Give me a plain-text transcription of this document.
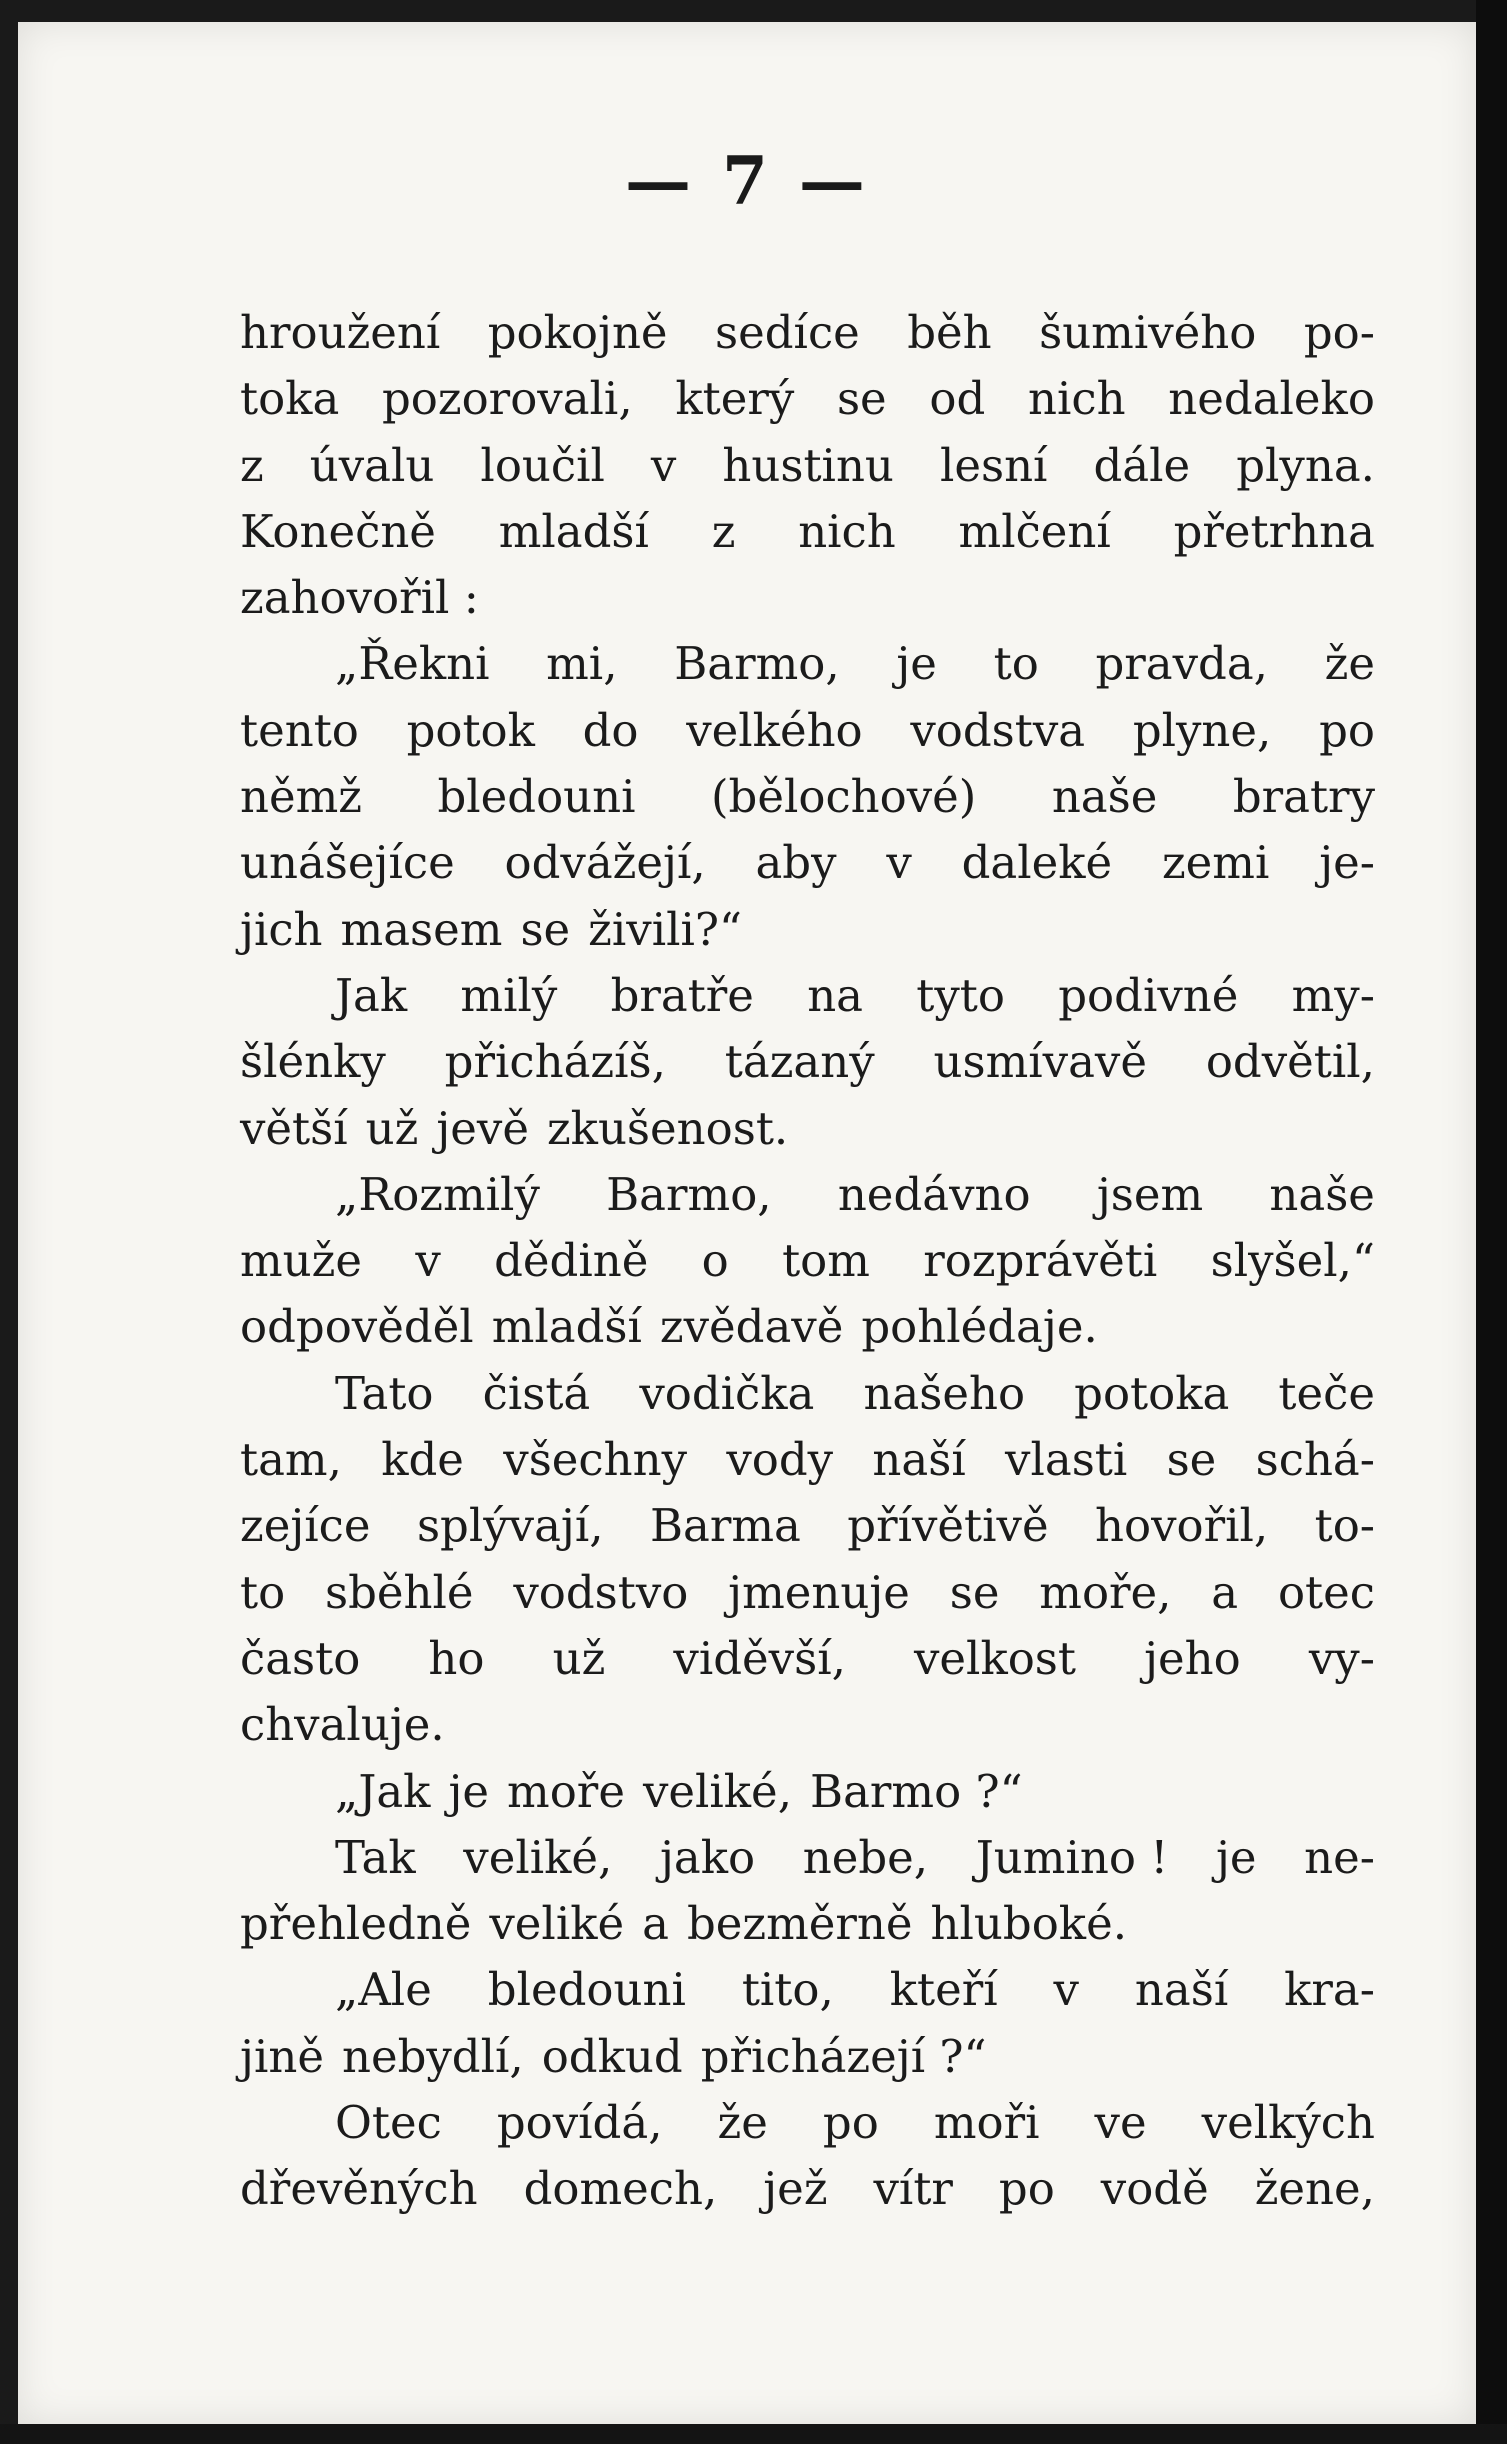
— 7 —
hroužení pokojně sedíce běh šumivého po-
toka pozorovali, který se od nich nedaleko
z úvalu loučil v hustinu lesní dále plyna.
Konečně mladší z nich mlčení přetrhna
zahovořil :
„Řekni mi, Barmo, je to pravda, že
tento potok do velkého vodstva plyne, po
němž bledouni (bělochové) naše bratry
unášejíce odvážejí, aby v daleké zemi je-
jich masem se živili?“
Jak milý bratře na tyto podivné my-
šlénky přicházíš, tázaný usmívavě odvětil,
větší už jevě zkušenost.
„Rozmilý Barmo, nedávno jsem naše
muže v dědině o tom rozprávěti slyšel,“
odpověděl mladší zvědavě pohlédaje.
Tato čistá vodička našeho potoka teče
tam, kde všechny vody naší vlasti se schá-
zejíce splývají, Barma přívětivě hovořil, to-
to sběhlé vodstvo jmenuje se moře, a otec
často ho už viděvší, velkost jeho vy-
chvaluje.
„Jak je moře veliké, Barmo ?“
Tak veliké, jako nebe, Jumino ! je ne-
přehledně veliké a bezměrně hluboké.
„Ale bledouni tito, kteří v naší kra-
jině nebydlí, odkud přicházejí ?“
Otec povídá, že po moři ve velkých
dřevěných domech, jež vítr po vodě žene,
